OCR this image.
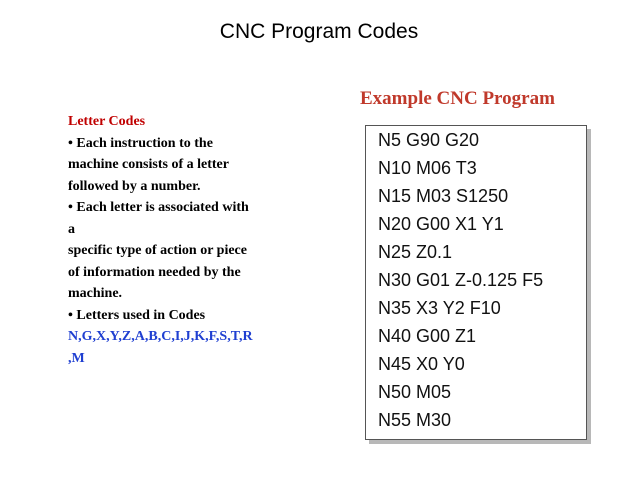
CNC Program Codes
Letter Codes
• Each instruction to the
machine consists of a letter
followed by a number.
• Each letter is associated with
a
specific type of action or piece
of information needed by the
machine.
• Letters used in Codes
N,G,X,Y,Z,A,B,C,I,J,K,F,S,T,R
,M
Example CNC Program
N5 G90 G20
N10 M06 T3
N15 M03 S1250
N20 G00 X1 Y1
N25 Z0.1
N30 G01 Z-0.125 F5
N35 X3 Y2 F10
N40 G00 Z1
N45 X0 Y0
N50 M05
N55 M30
